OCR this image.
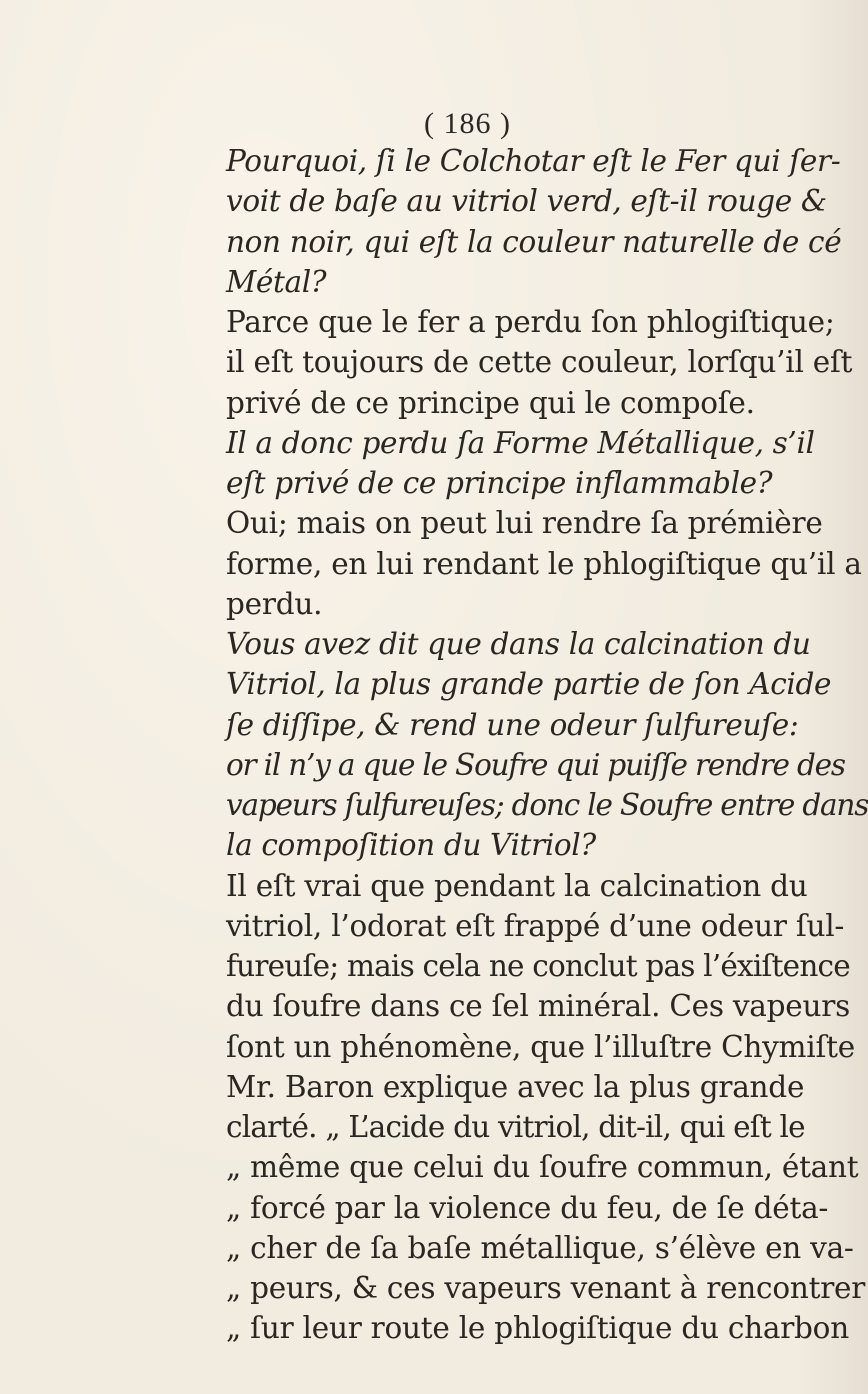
( 186 )
Pourquoi, ſi le Colchotar eſt le Fer qui ſer-
voit de baſe au vitriol verd, eſt-il rouge &
non noir, qui eſt la couleur naturelle de cé
Métal?
Parce que le fer a perdu ſon phlogiſtique;
il eſt toujours de cette couleur, lorſqu’il eſt
privé de ce principe qui le compoſe.
Il a donc perdu ſa Forme Métallique, s’il
eſt privé de ce principe inflammable?
Oui; mais on peut lui rendre ſa prémière
forme, en lui rendant le phlogiſtique qu’il a
perdu.
Vous avez dit que dans la calcination du
Vitriol, la plus grande partie de ſon Acide
ſe diſſipe, & rend une odeur ſulfureuſe:
or il n’y a que le Soufre qui puiſſe rendre des
vapeurs ſulfureuſes; donc le Soufre entre dans
la compoſition du Vitriol?
Il eſt vrai que pendant la calcination du
vitriol, l’odorat eſt frappé d’une odeur ſul-
fureuſe; mais cela ne conclut pas l’éxiſtence
du ſoufre dans ce ſel minéral. Ces vapeurs
ſont un phénomène, que l’illuſtre Chymiſte
Mr. Baron explique avec la plus grande
clarté. „ L’acide du vitriol, dit-il, qui eſt le
„ même que celui du ſoufre commun, étant
„ forcé par la violence du feu, de ſe déta-
„ cher de ſa baſe métallique, s’élève en va-
„ peurs, & ces vapeurs venant à rencontrer
„ ſur leur route le phlogiſtique du charbon
